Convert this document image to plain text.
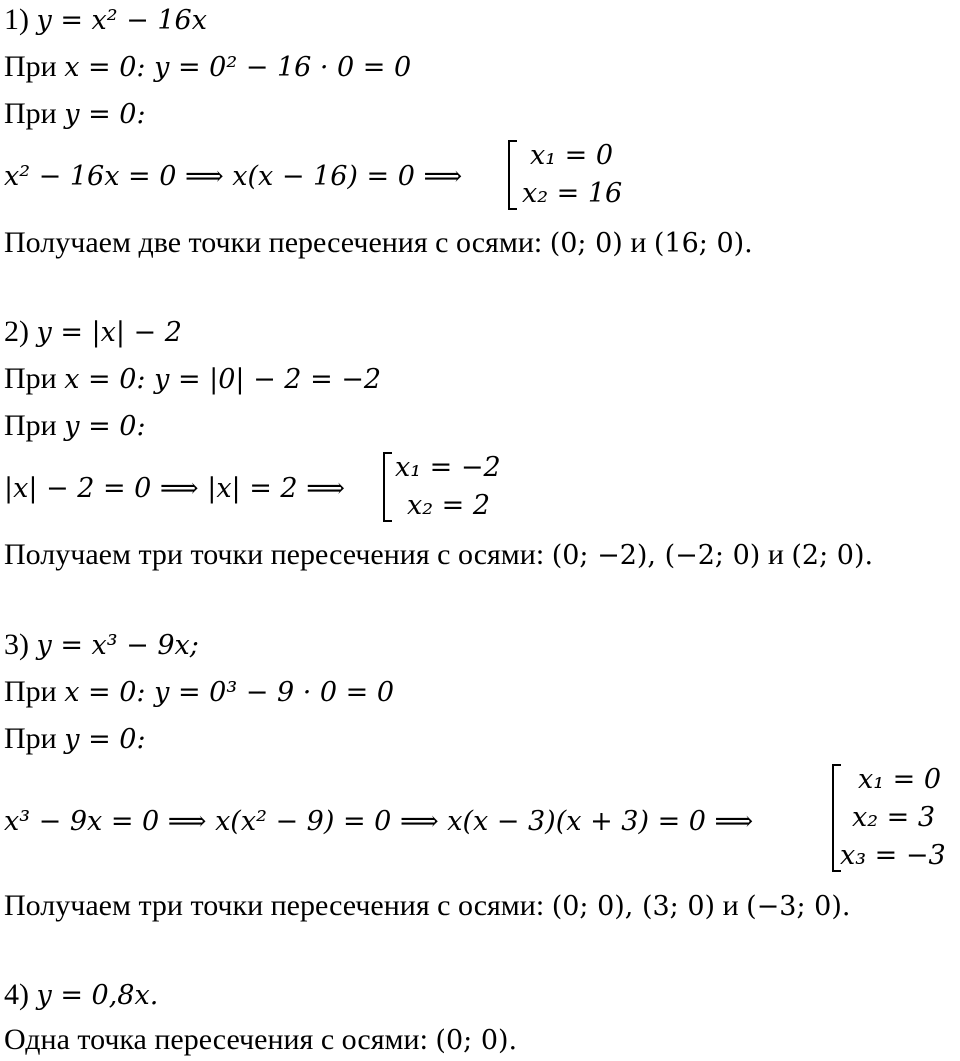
1) y = x² − 16x
При x = 0: y = 0² − 16 · 0 = 0
При y = 0:
x² − 16x = 0 ⟹ x(x − 16) = 0 ⟹
x₁ = 0
x₂ = 16
Получаем две точки пересечения с осями: (0; 0) и (16; 0).
2) y = |x| − 2
При x = 0: y = |0| − 2 = −2
При y = 0:
|x| − 2 = 0 ⟹ |x| = 2 ⟹
x₁ = −2
x₂ = 2
Получаем три точки пересечения с осями: (0; −2), (−2; 0) и (2; 0).
3) y = x³ − 9x;
При x = 0: y = 0³ − 9 · 0 = 0
При y = 0:
x³ − 9x = 0 ⟹ x(x² − 9) = 0 ⟹ x(x − 3)(x + 3) = 0 ⟹
x₁ = 0
x₂ = 3
x₃ = −3
Получаем три точки пересечения с осями: (0; 0), (3; 0) и (−3; 0).
4) y = 0,8x.
Одна точка пересечения с осями: (0; 0).
